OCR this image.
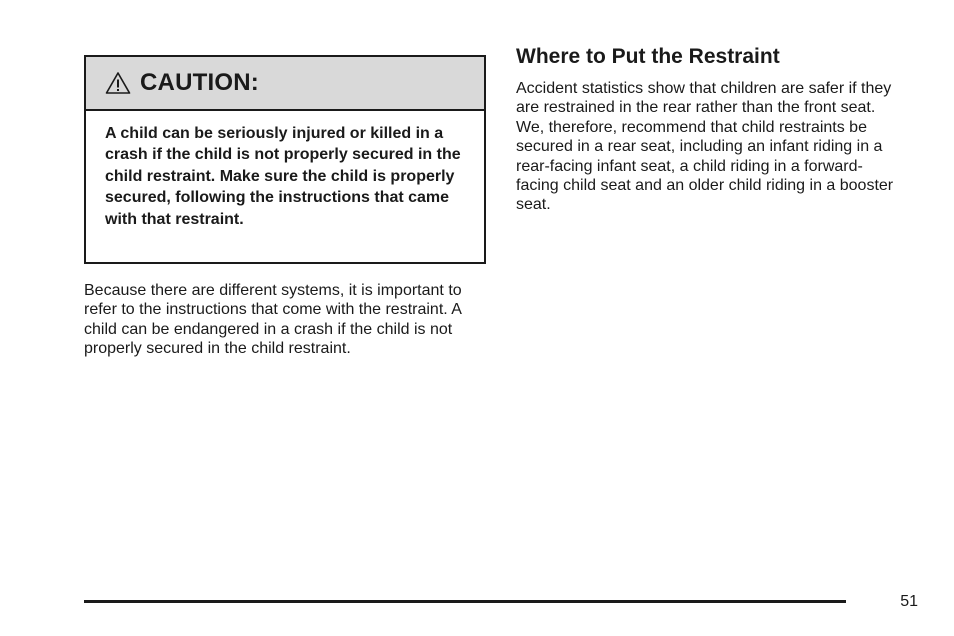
CAUTION:
A child can be seriously injured or killed in a crash if the child is not properly secured in the child restraint. Make sure the child is properly secured, following the instructions that came with that restraint.
Because there are different systems, it is important to refer to the instructions that come with the restraint. A child can be endangered in a crash if the child is not properly secured in the child restraint.
Where to Put the Restraint
Accident statistics show that children are safer if they are restrained in the rear rather than the front seat. We, therefore, recommend that child restraints be secured in a rear seat, including an infant riding in a rear-facing infant seat, a child riding in a forward-facing child seat and an older child riding in a booster seat.
51
